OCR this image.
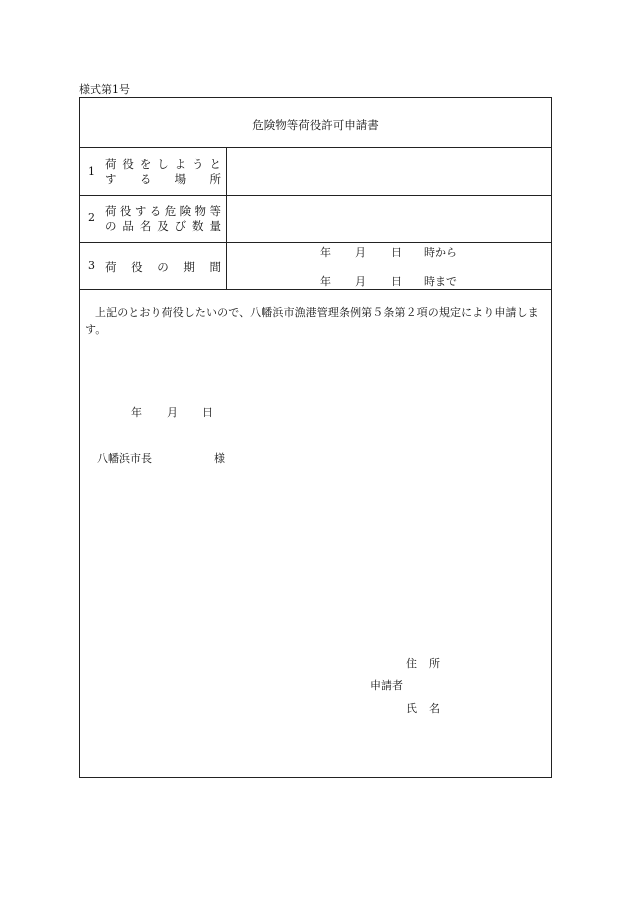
様式第1号
危険物等荷役許可申請書
1
荷 役 を し よ う と
す る 場 所
2 荷 役 す る 危 険 物 等
の 品 名 及 び 数 量
3 荷 役 の 期 間
年 月 日 時から
年 月 日 時まで
上記のとおり荷役したいので、八幡浜市漁港管理条例第５条第２項の規定により申請します。
年 月 日
八幡浜市長	様
住 所
申請者
氏 名
